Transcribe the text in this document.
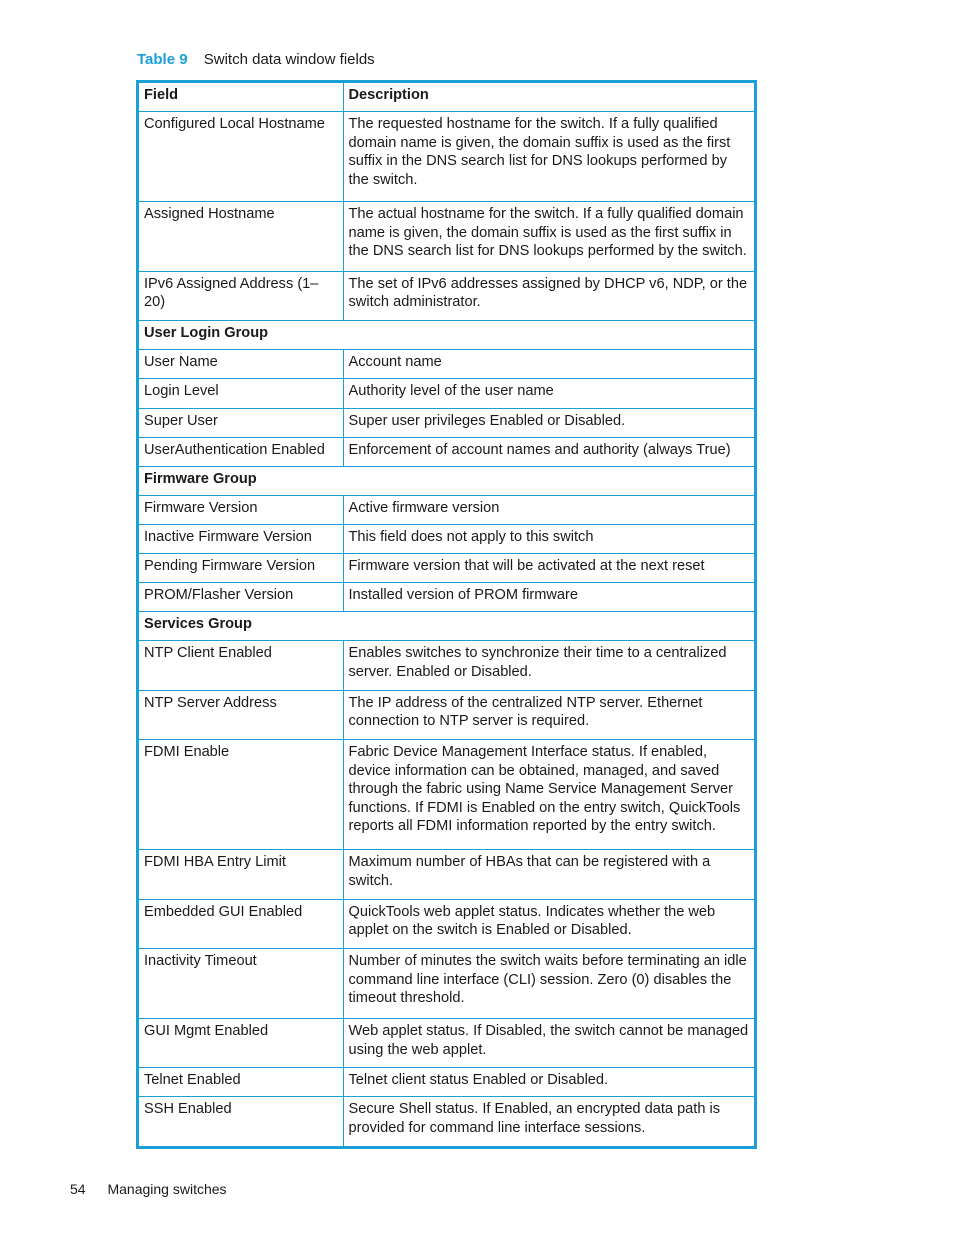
Table 9 Switch data window fields
Field	Description
Configured Local Hostname	The requested hostname for the switch. If a fully qualified domain name is given, the domain suffix is used as the first suffix in the DNS search list for DNS lookups performed by the switch.
Assigned Hostname	The actual hostname for the switch. If a fully qualified domain name is given, the domain suffix is used as the first suffix in the DNS search list for DNS lookups performed by the switch.
IPv6 Assigned Address (1–20)	The set of IPv6 addresses assigned by DHCP v6, NDP, or the switch administrator.
User Login Group	
User Name	Account name
Login Level	Authority level of the user name
Super User	Super user privileges Enabled or Disabled.
UserAuthentication Enabled	Enforcement of account names and authority (always True)
Firmware Group	
Firmware Version	Active firmware version
Inactive Firmware Version	This field does not apply to this switch
Pending Firmware Version	Firmware version that will be activated at the next reset
PROM/Flasher Version	Installed version of PROM firmware
Services Group	
NTP Client Enabled	Enables switches to synchronize their time to a centralized server. Enabled or Disabled.
NTP Server Address	The IP address of the centralized NTP server. Ethernet connection to NTP server is required.
FDMI Enable	Fabric Device Management Interface status. If enabled, device information can be obtained, managed, and saved through the fabric using Name Service Management Server functions. If FDMI is Enabled on the entry switch, QuickTools reports all FDMI information reported by the entry switch.
FDMI HBA Entry Limit	Maximum number of HBAs that can be registered with a switch.
Embedded GUI Enabled	QuickTools web applet status. Indicates whether the web applet on the switch is Enabled or Disabled.
Inactivity Timeout	Number of minutes the switch waits before terminating an idle command line interface (CLI) session. Zero (0) disables the timeout threshold.
GUI Mgmt Enabled	Web applet status. If Disabled, the switch cannot be managed using the web applet.
Telnet Enabled	Telnet client status Enabled or Disabled.
SSH Enabled	Secure Shell status. If Enabled, an encrypted data path is provided for command line interface sessions.
54 Managing switches
